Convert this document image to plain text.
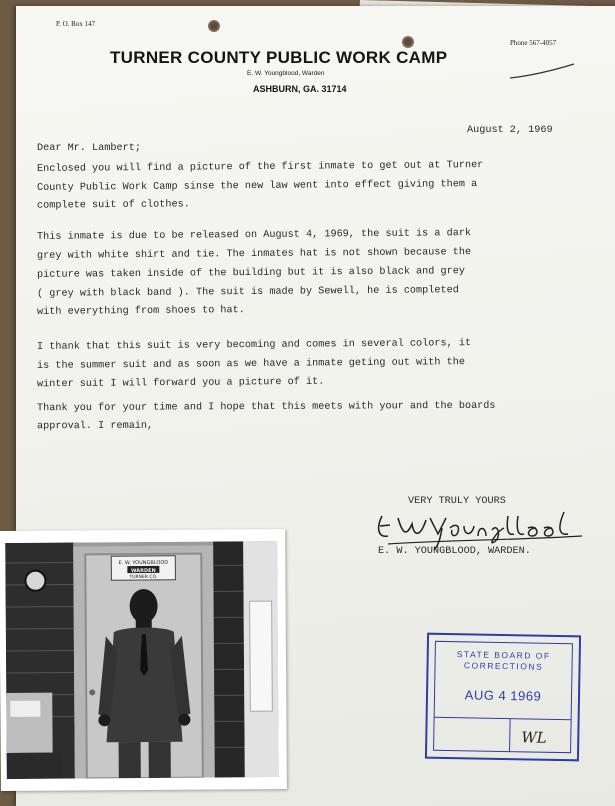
P. O. Box 147
Phone 567-4057
TURNER COUNTY PUBLIC WORK CAMP
E. W. Youngblood, Warden
ASHBURN, GA. 31714
August 2, 1969
Dear Mr. Lambert;
Enclosed you will find a picture of the first inmate to get out at Turner
County Public Work Camp sinse the new law went into effect giving them a
complete suit of clothes.
This inmate is due to be released on August 4, 1969, the suit is a dark
grey with white shirt and tie. The inmates hat is not shown because the
picture was taken inside of the building but it is also black and grey
( grey with black band ). The suit is made by Sewell, he is completed
with everything from shoes to hat.
I thank that this suit is very becoming and comes in several colors, it
is the summer suit and as soon as we have a inmate geting out with the
winter suit I will forward you a picture of it.
Thank you for your time and I hope that this meets with your and the boards
approval. I remain,
VERY TRULY YOURS
E. W. YOUNGBLOOD, WARDEN.
STATE BOARD OF
CORRECTIONS
AUG 4 1969
WL
E. W. YOUNGBLOOD
WARDEN
TURNER CO.
